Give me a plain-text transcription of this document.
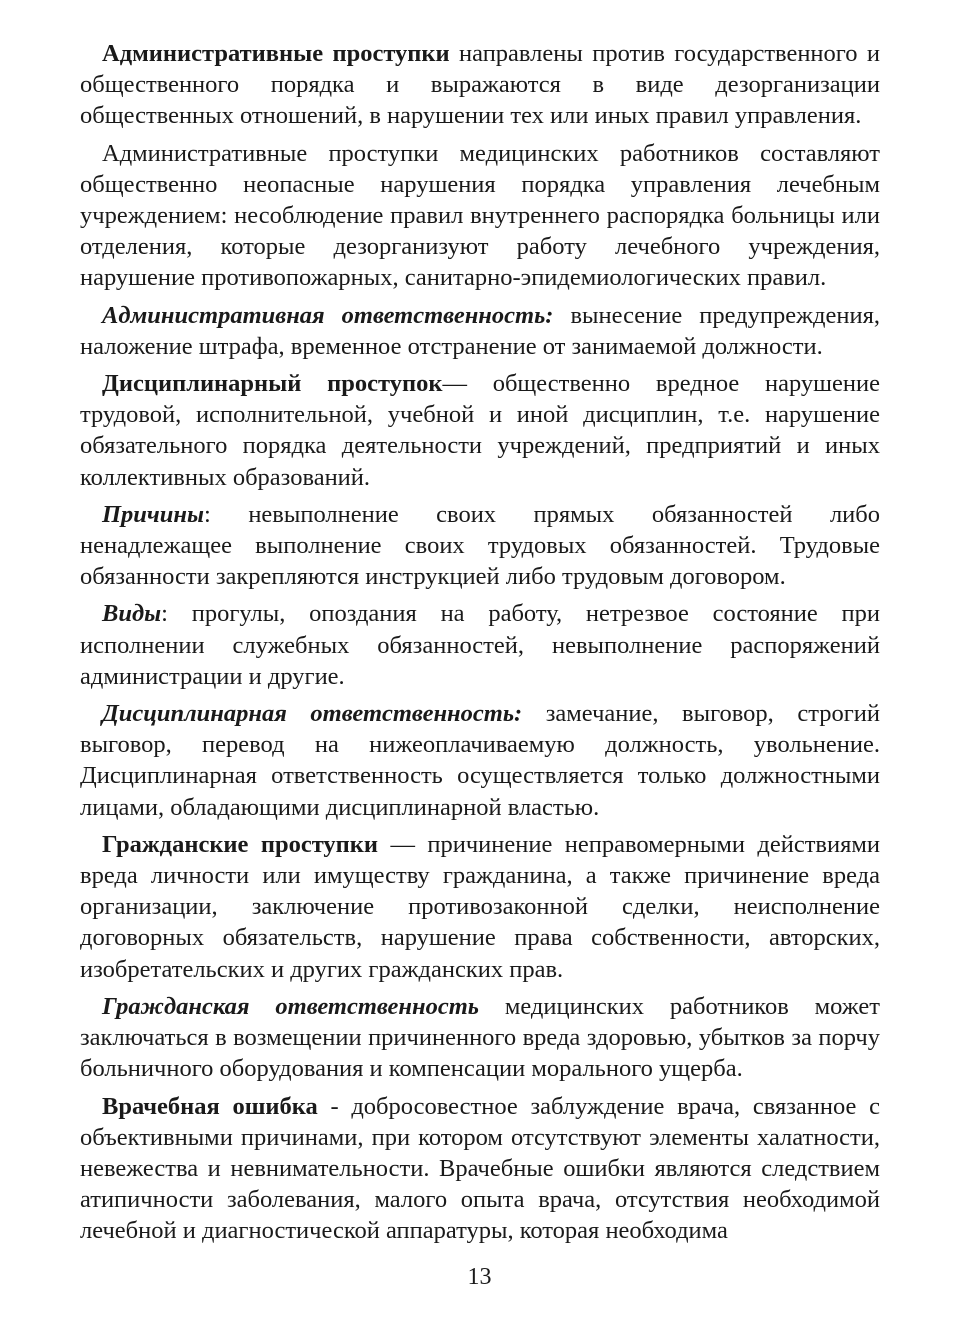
Административные проступки направлены против государственного и общественного порядка и выражаются в виде дезорганизации общественных отношений, в нарушении тех или иных правил управления.

Административные проступки медицинских работников составляют общественно неопасные нарушения порядка управления лечебным учреждением: несоблюдение правил внутреннего распорядка больницы или отделения, которые дезорганизуют работу лечебного учреждения, нарушение противопожарных, санитарно-эпидемиологических правил.

Административная ответственность: вынесение предупреждения, наложение штрафа, временное отстранение от занимаемой должности.

Дисциплинарный проступок— общественно вредное нарушение трудовой, исполнительной, учебной и иной дисциплин, т.е. нарушение обязательного порядка деятельности учреждений, предприятий и иных коллективных образований.

Причины: невыполнение своих прямых обязанностей либо ненадлежащее выполнение своих трудовых обязанностей. Трудовые обязанности закрепляются инструкцией либо трудовым договором.

Виды: прогулы, опоздания на работу, нетрезвое состояние при исполнении служебных обязанностей, невыполнение распоряжений администрации и другие.

Дисциплинарная ответственность: замечание, выговор, строгий выговор, перевод на нижеоплачиваемую должность, увольнение. Дисциплинарная ответственность осуществляется только должностными лицами, обладающими дисциплинарной властью.

Гражданские проступки — причинение неправомерными действиями вреда личности или имуществу гражданина, а также причинение вреда организации, заключение противозаконной сделки, неисполнение договорных обязательств, нарушение права собственности, авторских, изобретательских и других гражданских прав.

Гражданская ответственность медицинских работников может заключаться в возмещении причиненного вреда здоровью, убытков за порчу больничного оборудования и компенсации морального ущерба.

Врачебная ошибка - добросовестное заблуждение врача, связанное с объективными причинами, при котором отсутствуют элементы халатности, невежества и невнимательности. Врачебные ошибки являются следствием атипичности заболевания, малого опыта врача, отсутствия необходимой лечебной и диагностической аппаратуры, которая необходима

13
